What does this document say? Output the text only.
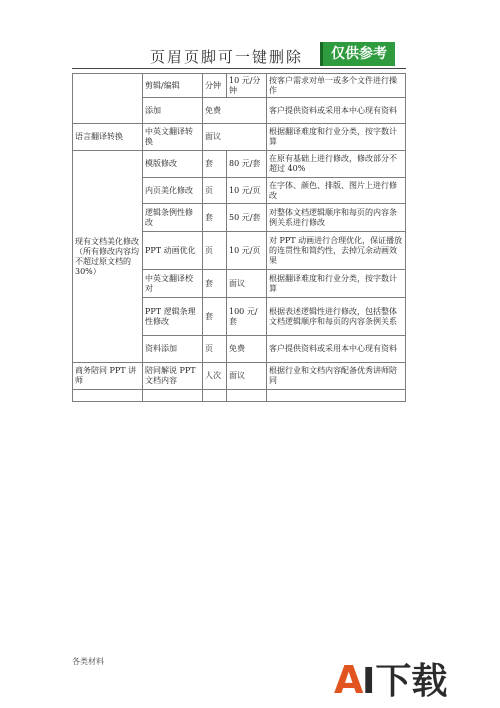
页眉页脚可一键删除	仅供参考
	剪辑/编辑	分钟	10 元/分钟	按客户需求对单一或多个文件进行操作
	添加	免费		客户提供资料或采用本中心现有资料
语言翻译转换	中英文翻译转换	面议		根据翻译难度和行业分类，按字数计算
现有文档美化修改（所有修改内容均不超过原文档的 30%）	模版修改	套	80 元/套	在原有基础上进行修改，修改部分不超过 40%
	内页美化修改	页	10 元/页	在字体、颜色、排版、图片上进行修改
	逻辑条例性修改	套	50 元/套	对整体文档逻辑顺序和每页的内容条例关系进行修改
	PPT 动画优化	页	10 元/页	对 PPT 动画进行合理优化，保证播放的连贯性和简约性，去掉冗余动画效果
	中英文翻译校对	套	面议	根据翻译难度和行业分类，按字数计算
	PPT 逻辑条理性修改	套	100 元/套	根据表述逻辑性进行修改，包括整体文档逻辑顺序和每页的内容条例关系
	资料添加	页	免费	客户提供资料或采用本中心现有资料
商务陪同 PPT 讲师	陪同解说 PPT 文档内容	人次	面议	根据行业和文档内容配备优秀讲师陪同

各类材料	A
I下载
